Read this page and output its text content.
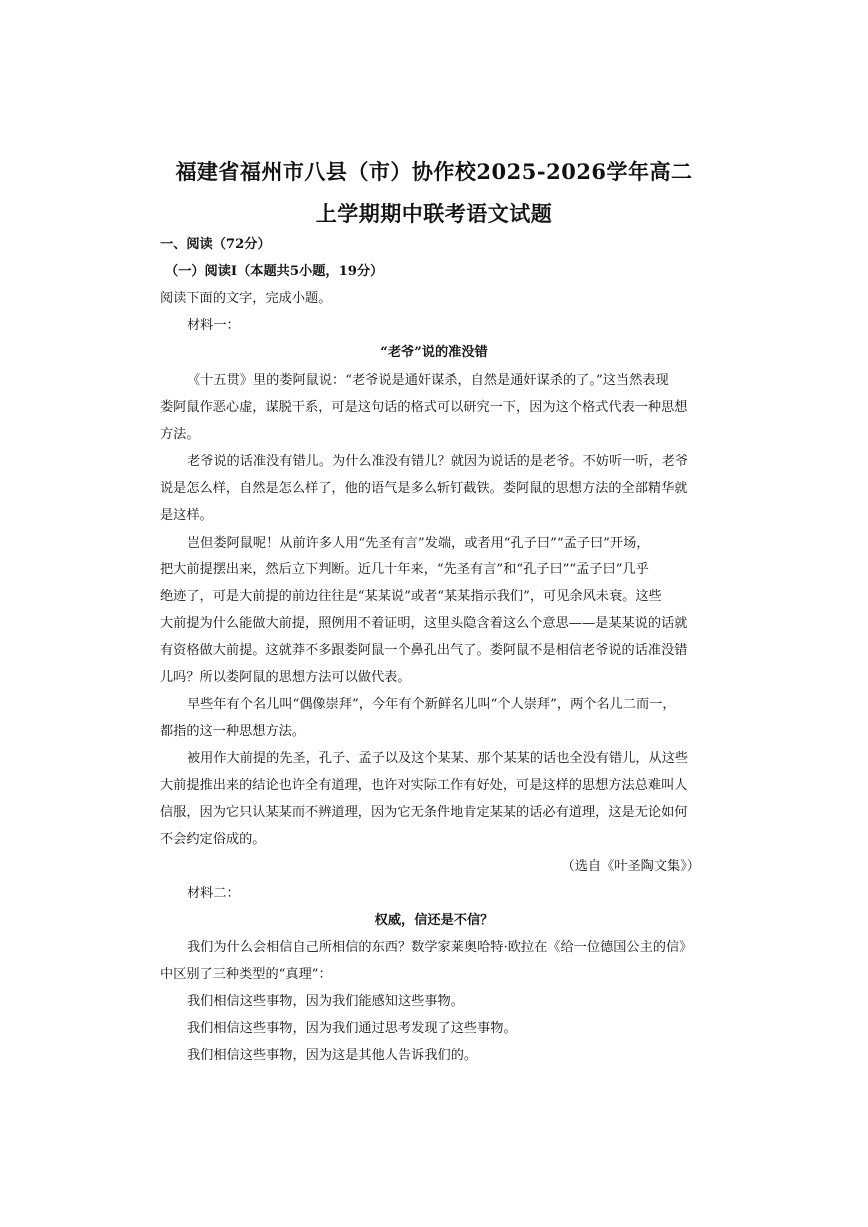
福建省福州市八县（市）协作校2025-2026学年高二
上学期期中联考语文试题
一、阅读（72分）
（一）阅读Ⅰ（本题共5小题，19分）
阅读下面的文字，完成小题。
材料一：
“老爷”说的准没错
《十五贯》里的娄阿鼠说：“老爷说是通奸谋杀，自然是通奸谋杀的了。”这当然表现
娄阿鼠作恶心虚，谋脱干系，可是这句话的格式可以研究一下，因为这个格式代表一种思想
方法。
老爷说的话准没有错儿。为什么准没有错儿？就因为说话的是老爷。不妨听一听，老爷
说是怎么样，自然是怎么样了，他的语气是多么斩钉截铁。娄阿鼠的思想方法的全部精华就
是这样。
岂但娄阿鼠呢！从前许多人用“先圣有言”发端，或者用“孔子曰”“孟子曰”开场，
把大前提摆出来，然后立下判断。近几十年来，“先圣有言”和“孔子曰”“孟子曰”几乎
绝迹了，可是大前提的前边往往是“某某说”或者“某某指示我们”，可见余风未衰。这些
大前提为什么能做大前提，照例用不着证明，这里头隐含着这么个意思——是某某说的话就
有资格做大前提。这就莽不多跟娄阿鼠一个鼻孔出气了。娄阿鼠不是相信老爷说的话准没错
儿吗？所以娄阿鼠的思想方法可以做代表。
早些年有个名儿叫“偶像崇拜”，今年有个新鲜名儿叫“个人崇拜”，两个名儿二而一，
都指的这一种思想方法。
被用作大前提的先圣，孔子、孟子以及这个某某、那个某某的话也全没有错儿，从这些
大前提推出来的结论也许全有道理，也许对实际工作有好处，可是这样的思想方法总难叫人
信服，因为它只认某某而不辨道理，因为它无条件地肯定某某的话必有道理，这是无论如何
不会约定俗成的。
（选自《叶圣陶文集》）
材料二：
权威，信还是不信？
我们为什么会相信自己所相信的东西？数学家莱奥哈特·欧拉在《给一位德国公主的信》
中区别了三种类型的“真理”：
我们相信这些事物，因为我们能感知这些事物。
我们相信这些事物，因为我们通过思考发现了这些事物。
我们相信这些事物，因为这是其他人告诉我们的。
